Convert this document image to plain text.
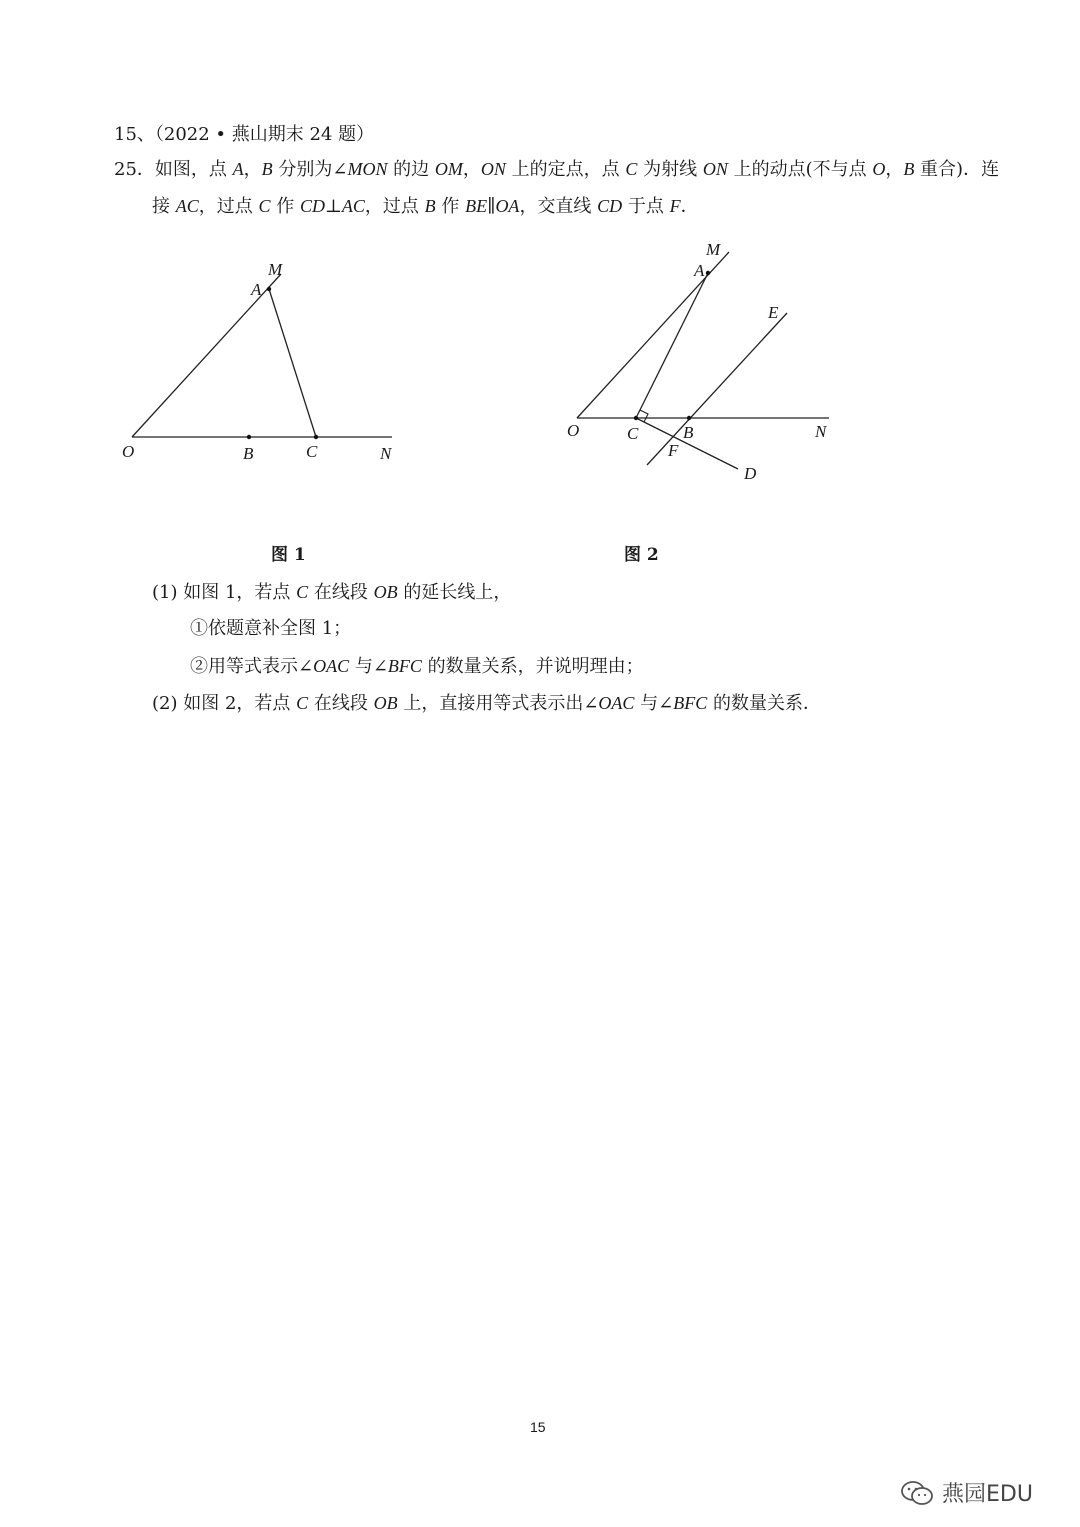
15、（2022 • 燕山期末 24 题）
25．如图，点 A，B 分别为∠MON 的边 OM，ON 上的定点，点 C 为射线 ON 上的动点(不与点 O，B 重合)．连
接 AC，过点 C 作 CD⊥AC，过点 B 作 BE∥OA，交直线 CD 于点 F．
M
A
O	B	C	N
M
A
E
O	C	B	N
F
D
图 1	图 2
(1) 如图 1，若点 C 在线段 OB 的延长线上，
①依题意补全图 1；
②用等式表示∠OAC 与∠BFC 的数量关系，并说明理由；
(2) 如图 2，若点 C 在线段 OB 上，直接用等式表示出∠OAC 与∠BFC 的数量关系．
15
燕园EDU
